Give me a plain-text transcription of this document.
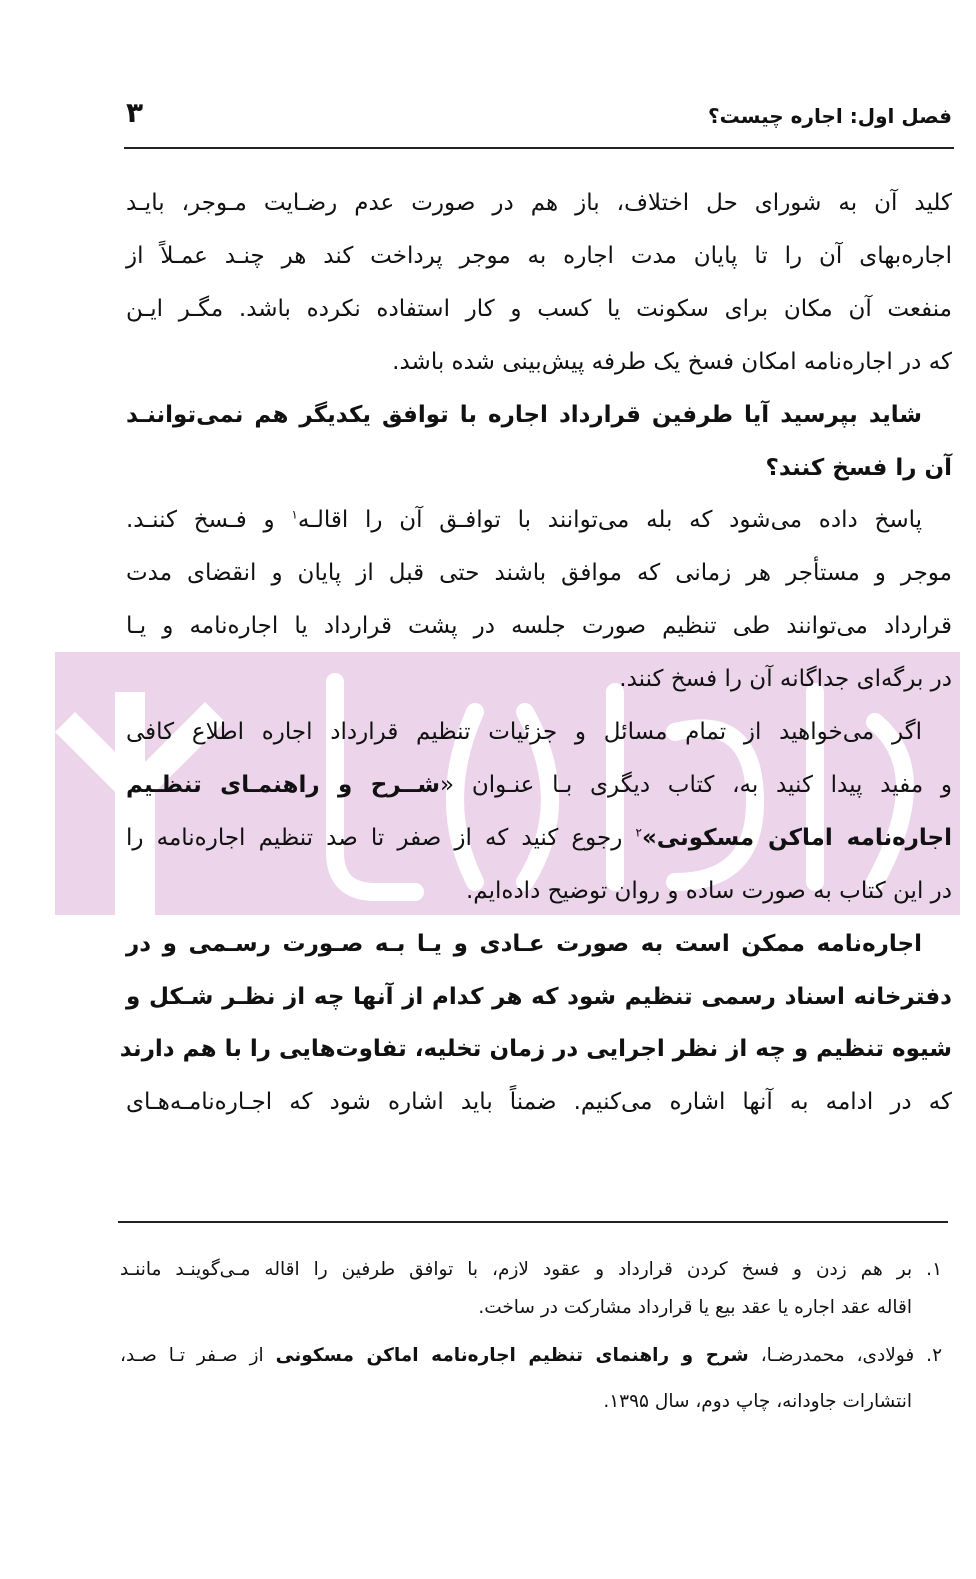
فصل اول: اجاره چیست؟
۳
کلید آن به شورای حل اختلاف، باز هم در صورت عدم رضـایت مـوجر، بایـد
اجاره‌بهای آن را تا پایان مدت اجاره به موجر پرداخت کند هر چنـد عمـلاً از
منفعت آن مکان برای سکونت یا کسب و کار استفاده نکرده باشد. مگـر ایـن
که در اجاره‌نامه امکان فسخ یک طرفه پیش‌بینی شده باشد.
شاید بپرسید آیا طرفین قرارداد اجاره با توافق یکدیگر هم نمی‌تواننـد
آن را فسخ کنند؟
پاسخ داده می‌شود که بله می‌توانند با توافـق آن را اقالـه$^۱$ و فـسخ کننـد.
موجر و مستأجر هر زمانی که موافق باشند حتی قبل از پایان و انقضای مدت
قرارداد می‌توانند طی تنظیم صورت جلسه در پشت قرارداد یا اجاره‌نامه و یـا
در برگه‌ای جداگانه آن را فسخ کنند.
اگر می‌خواهید از تمام مسائل و جزئیات تنظیم قرارداد اجاره اطلاع کافی
و مفید پیدا کنید به، کتاب دیگری بـا عنـوان «شــرح و راهنمـای تنظـیم
اجاره‌نامه اماکن مسکونی»$^۲$ رجوع کنید که از صفر تا صد تنظیم اجاره‌نامه را
در این کتاب به صورت ساده و روان توضیح داده‌ایم.
اجاره‌نامه ممکن است به صورت عـادی و یـا بـه صـورت رسـمی و در
دفترخانه اسناد رسمی تنظیم شود که هر کدام از آنها چه از نظـر شـکل و
شیوه تنظیم و چه از نظر اجرایی در زمان تخلیه، تفاوت‌هایی را با هم دارند
که در ادامه به آنها اشاره می‌کنیم. ضمناً باید اشاره شود که اجـاره‌نامـه‌هـای
۱. بر هم زدن و فسخ کردن قرارداد و عقود لازم، با توافق طرفین را اقاله مـی‌گوینـد ماننـد
اقاله عقد اجاره یا عقد بیع یا قرارداد مشارکت در ساخت.
۲. فولادی، محمدرضـا، شرح و راهنمای تنظیم اجاره‌نامه اماکن مسکونی از صـفر تـا صـد،
انتشارات جاودانه، چاپ دوم، سال ۱۳۹۵.
